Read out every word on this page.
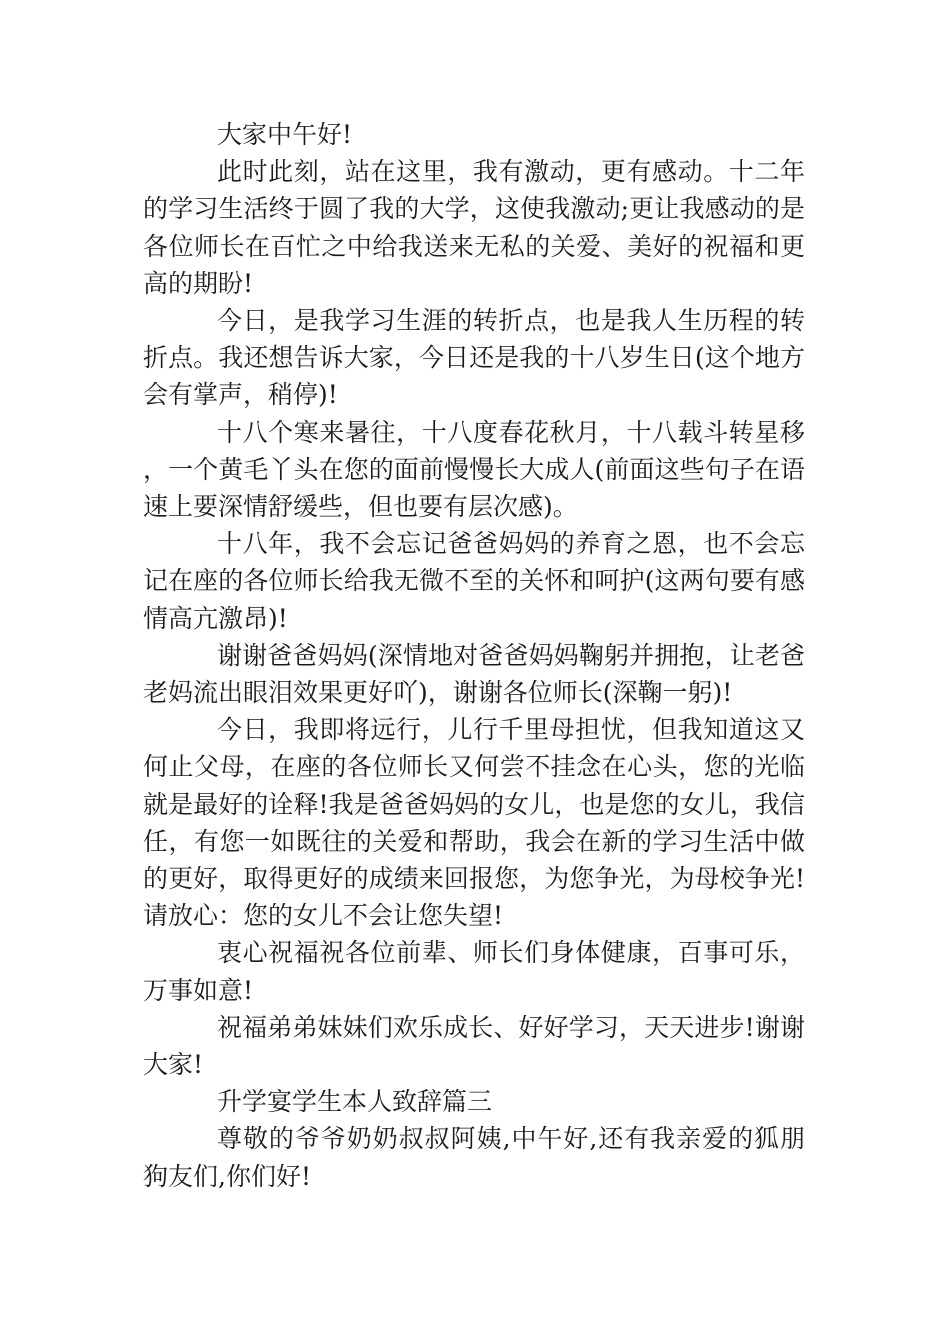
大家中午好!

此时此刻，站在这里，我有激动，更有感动。十二年的学习生活终于圆了我的大学，这使我激动;更让我感动的是各位师长在百忙之中给我送来无私的关爱、美好的祝福和更高的期盼!

今日，是我学习生涯的转折点，也是我人生历程的转折点。我还想告诉大家，今日还是我的十八岁生日(这个地方会有掌声，稍停)!

十八个寒来暑往，十八度春花秋月，十八载斗转星移，一个黄毛丫头在您的面前慢慢长大成人(前面这些句子在语速上要深情舒缓些，但也要有层次感)。

十八年，我不会忘记爸爸妈妈的养育之恩，也不会忘记在座的各位师长给我无微不至的关怀和呵护(这两句要有感情高亢激昂)!

谢谢爸爸妈妈(深情地对爸爸妈妈鞠躬并拥抱，让老爸老妈流出眼泪效果更好吖)，谢谢各位师长(深鞠一躬)!

今日，我即将远行，儿行千里母担忧，但我知道这又何止父母，在座的各位师长又何尝不挂念在心头，您的光临就是最好的诠释!我是爸爸妈妈的女儿，也是您的女儿，我信任，有您一如既往的关爱和帮助，我会在新的学习生活中做的更好，取得更好的成绩来回报您，为您争光，为母校争光!请放心：您的女儿不会让您失望!

衷心祝福祝各位前辈、师长们身体健康，百事可乐，万事如意!

祝福弟弟妹妹们欢乐成长、好好学习，天天进步!谢谢大家!

升学宴学生本人致辞篇三

尊敬的爷爷奶奶叔叔阿姨,中午好,还有我亲爱的狐朋狗友们,你们好!
